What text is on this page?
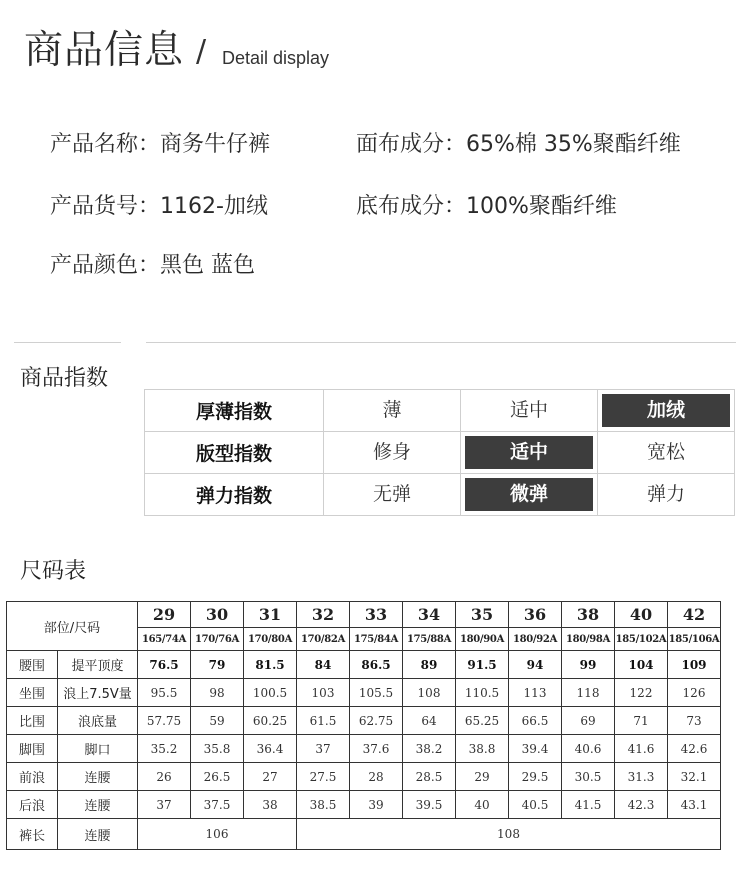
商品信息 / Detail display
产品名称：商务牛仔裤	面布成分：65%棉 35%聚酯纤维
产品货号：1162-加绒	底布成分：100%聚酯纤维
产品颜色：黑色 蓝色
商品指数
厚薄指数	薄	适中	加绒

版型指数	修身	适中	宽松

弹力指数	无弹	微弹	弹力
尺码表
部位/尺码		29	30	31	32	33	34	35	36	38	40	42
		165/74A	170/76A	170/80A	170/82A	175/84A	175/88A	180/90A	180/92A	180/98A	185/102A	185/106A
腰围	提平顶度	76.5	79	81.5	84	86.5	89	91.5	94	99	104	109
坐围	浪上7.5V量	95.5	98	100.5	103	105.5	108	110.5	113	118	122	126
比围	浪底量	57.75	59	60.25	61.5	62.75	64	65.25	66.5	69	71	73
脚围	脚口	35.2	35.8	36.4	37	37.6	38.2	38.8	39.4	40.6	41.6	42.6
前浪	连腰	26	26.5	27	27.5	28	28.5	29	29.5	30.5	31.3	32.1
后浪	连腰	37	37.5	38	38.5	39	39.5	40	40.5	41.5	42.3	43.1
裤长	连腰	106			108							
